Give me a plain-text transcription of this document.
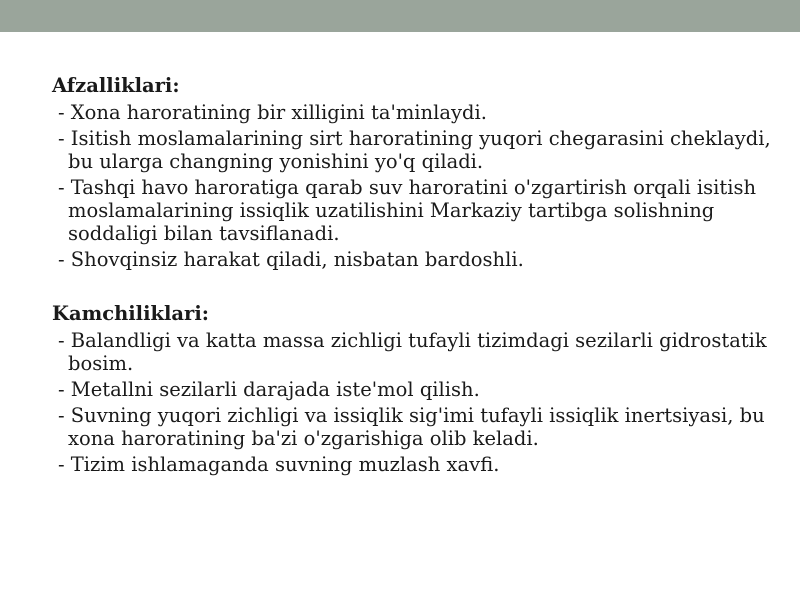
Afzalliklari:
- Xona haroratining bir xilligini ta'minlaydi.
- Isitish moslamalarining sirt haroratining yuqori chegarasini cheklaydi, bu ularga changning yonishini yo'q qiladi.
- Tashqi havo haroratiga qarab suv haroratini o'zgartirish orqali isitish moslamalarining issiqlik uzatilishini Markaziy tartibga solishning soddaligi bilan tavsiflanadi.
- Shovqinsiz harakat qiladi, nisbatan bardoshli.
Kamchiliklari:
- Balandligi va katta massa zichligi tufayli tizimdagi sezilarli gidrostatik bosim.
- Metallni sezilarli darajada iste'mol qilish.
- Suvning yuqori zichligi va issiqlik sig'imi tufayli issiqlik inertsiyasi, bu xona haroratining ba'zi o'zgarishiga olib keladi.
- Tizim ishlamaganda suvning muzlash xavfi.
